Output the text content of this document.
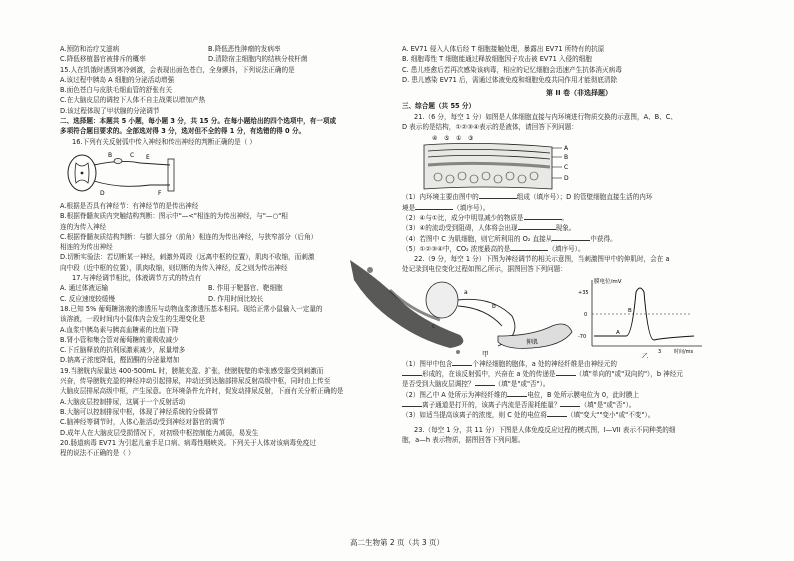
A.预防和治疗艾滋病	B.降低恶性肿瘤的发病率
C.降低移植器官被排斥的概率	D.清除宿主细胞内的结核分枝杆菌
15.人在饥饿时遇到寒冷刺激，会表现出面色苍白，全身颤抖，下列说法正确的是
A.该过程中胰岛 A 细胞的分泌活动增强
B.面色苍白与皮肤毛细血管的舒张有关
C.在大脑皮层的调控下人体不自主战栗以增加产热
D.该过程体现了甲状腺的分泌调节
二、选择题：本题共 5 小题，每小题 3 分，共 15 分。在每小题给出的四个选项中，有一项或
多项符合题目要求的。全部选对得 3 分，选对但不全的得 1 分，有选错的得 0 分。
16.下列有关反射弧中传入神经和传出神经的判断正确的是（ ）
B	C E
D	F
A.根据是否具有神经节：有神经节的是传出神经
B.根据脊髓灰质内突触结构判断：图示中"—<"相连的为传出神经，与"—○"相
连的为传入神经
C.根据脊髓灰质结构判断：与膨大部分（前角）相连的为传出神经，与狭窄部分（后角）
相连的为传出神经
D.切断实验法：若切断某一神经，刺激外周段（远离中枢的位置），肌肉不收缩，而刺激
向中段（近中枢的位置），肌肉收缩，则切断的为传入神经，反之则为传出神经
17.与神经调节相比，体液调节方式的特点有
A. 通过体液运输	B. 作用于靶器官、靶细胞
C. 反应速度较缓慢	D. 作用时间比较长
18.已知 5% 葡萄糖溶液的渗透压与动物血浆渗透压基本相同。现给正常小鼠输入一定量的
该溶液，一段时间内小鼠体内会发生的生理变化是
A.血浆中胰岛素与胰高血糖素的比值下降
B.肾小管和集合管对葡萄糖的重吸收减少
C.下丘脑释放的抗利尿激素减少，尿量增多
D.钠离子浓度降低，醛固酮的分泌量增加
19.当膀胱内尿量达 400-500mL 时，膀胱充盈、扩张，使膀胱壁的牵张感受器受到刺激而
兴奋，传导膀胱充盈的神经冲动引起排尿，冲动还到达脑部排尿反射高级中枢，同时由上传至
大脑皮层排尿高级中枢，产生尿意。在环境条件允许时，促发动排尿反射，下面有关分析正确的是
A.大脑皮层控制排尿，这属于一个反射活动
B.大脑可以控制排尿中枢，体现了神经系统的分级调节
C.脑神经等调节时，人体心脏活动受到神经对器官的调节
D.成年人在大脑皮层受损情况下，对初级中枢控制能力减弱，易发生
20.肠道病毒 EV71 为引起儿童手足口病、病毒性咽峡炎。下列关于人体对该病毒免疫过
程的说法不正确的是（ ）
A. EV71 侵入人体后经 T 细胞接触处理，暴露出 EV71 所特有的抗原
B. 细胞毒性 T 细胞能通过释放细胞因子攻击被 EV71 入侵的细胞
C. 患儿痊愈后若再次感染该病毒，相应的记忆细胞会迅速产生抗体消灭病毒
D. 患儿感染 EV71 后，需通过体液免疫和细胞免疫共同作用才能彻底清除
第 II 卷（非选择题）
三、综合题（共 55 分）
21.（6 分，每空 1 分）如图是人体细胞直接与内环境进行物质交换的示意图，A、B、C、
D 表示的是结构，①②③④表示的是液体，请回答下列问题：
④ ⑤ ① ③
A
B
C
D
（1）内环境主要由图中的	组成（填序号）；D 的管壁细胞直接生活的内环
境是	（填序号）。
（2）④与①比，成分中明显减少的物质是	。
（3）④的流动受到阻碍，人体将会出现	现象。
（4）若图中 C 为肌细胞，则它所利用的 O₂ 直接从	中获得。
（5）①②③④中，CO₂ 浓度最高的是	（填序号）。
22.（9 分，每空 1 分）下图为神经调节的相关示意图，当刺激图甲中的伸肌时，会在 a
处记录到电位变化过程如图乙所示，据图回答下列问题：
a
b
伸肌
甲
膜电位/mV
+35
0
-70
A
B
3	时间/ms
乙
（1）图甲中包含	个神经细胞的胞体，a 处的神经纤维是由神经元的
形成的，在该反射弧中，兴奋在 a 处的传递是	（填"单向的"或"双向的"），b 神经元
是否受到大脑皮层调控？	（填"是"或"否"）。
（2）图乙中 A 处所示为神经纤维的	电位，B 处所示膜电位为 0，此时膜上
离子通道是打开的，该离子内流是否需耗能量？	（填"是"或"否"）。
（3）如适当提高该离子的浓度，则 C 处的电位将	（填"变大""变小"或"不变"）。
23.（每空 1 分，共 11 分）下图是人体免疫反应过程的模式图，I—VII 表示不同种类的细
胞，a—h 表示物质，据图回答下列问题。
高二生物第 2 页（共 3 页）
